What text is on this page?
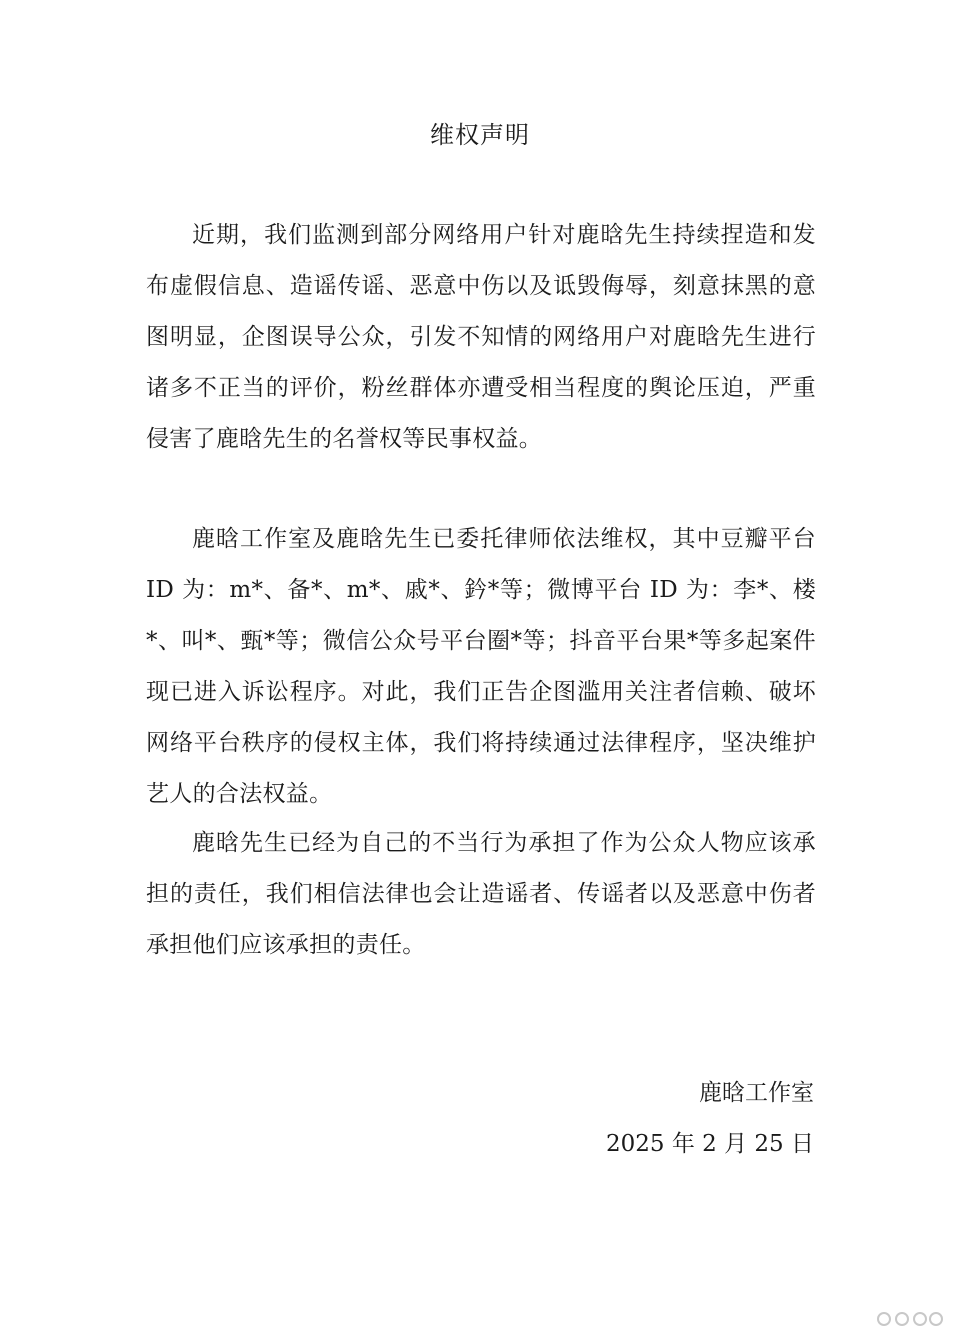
维权声明

近期，我们监测到部分网络用户针对鹿晗先生持续捏造和发布虚假信息、造谣传谣、恶意中伤以及诋毁侮辱，刻意抹黑的意图明显，企图误导公众，引发不知情的网络用户对鹿晗先生进行诸多不正当的评价，粉丝群体亦遭受相当程度的舆论压迫，严重侵害了鹿晗先生的名誉权等民事权益。

鹿晗工作室及鹿晗先生已委托律师依法维权，其中豆瓣平台 ID 为：m*、备*、m*、戚*、鈐*等；微博平台 ID 为：李*、楼*、叫*、甄*等；微信公众号平台圈*等；抖音平台果*等多起案件现已进入诉讼程序。对此，我们正告企图滥用关注者信赖、破坏网络平台秩序的侵权主体，我们将持续通过法律程序，坚决维护艺人的合法权益。

鹿晗先生已经为自己的不当行为承担了作为公众人物应该承担的责任，我们相信法律也会让造谣者、传谣者以及恶意中伤者承担他们应该承担的责任。

鹿晗工作室
2025 年 2 月 25 日
